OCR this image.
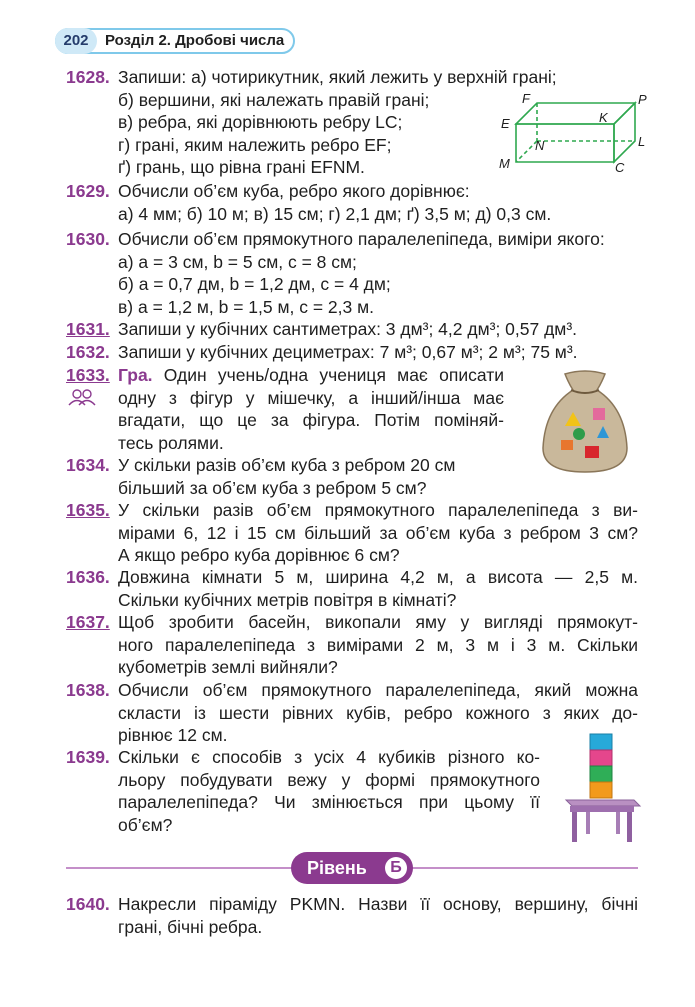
202	Розділ 2. Дробові числа
1628. Запиши: а) чотирикутник, який лежить у верхній грані;
б) вершини, які належать правій грані;
в) ребра, які дорівнюють ребру LC;
г) грані, яким належить ребро EF;
ґ) грань, що рівна грані EFNM.
F	P
E	K
L
N
M	C
1629. Обчисли об’єм куба, ребро якого дорівнює:
а) 4 мм; б) 10 м; в) 15 см; г) 2,1 дм; ґ) 3,5 м; д) 0,3 см.
1630. Обчисли об’єм прямокутного паралелепіпеда, виміри якого:
а) a = 3 см, b = 5 см, c = 8 см;
б) a = 0,7 дм, b = 1,2 дм, c = 4 дм;
в) a = 1,2 м, b = 1,5 м, c = 2,3 м.
1631. Запиши у кубічних сантиметрах: 3 дм³; 4,2 дм³; 0,57 дм³.
1632. Запиши у кубічних дециметрах: 7 м³; 0,67 м³; 2 м³; 75 м³.
1633. Гра. Один учень/одна учениця має описати
одну з фігур у мішечку, а інший/інша має
вгадати, що це за фігура. Потім поміняй-
тесь ролями.
1634. У скільки разів об’єм куба з ребром 20 см
більший за об’єм куба з ребром 5 см?
1635. У скільки разів об’єм прямокутного паралелепіпеда з ви-
мірами 6, 12 і 15 см більший за об’єм куба з ребром 3 см?
А якщо ребро куба дорівнює 6 см?
1636. Довжина кімнати 5 м, ширина 4,2 м, а висота — 2,5 м.
Скільки кубічних метрів повітря в кімнаті?
1637. Щоб зробити басейн, викопали яму у вигляді прямокут-
ного паралелепіпеда з вимірами 2 м, 3 м і 3 м. Скільки
кубометрів землі вийняли?
1638. Обчисли об’єм прямокутного паралелепіпеда, який можна
скласти із шести рівних кубів, ребро кожного з яких до-
рівнює 12 см.
1639. Скільки є способів з усіх 4 кубиків різного ко-
льору побудувати вежу у формі прямокутного
паралелепіпеда? Чи змінюється при цьому її
об’єм?
Рівень	Б
1640. Накресли піраміду PKMN. Назви її основу, вершину, бічні
грані, бічні ребра.
